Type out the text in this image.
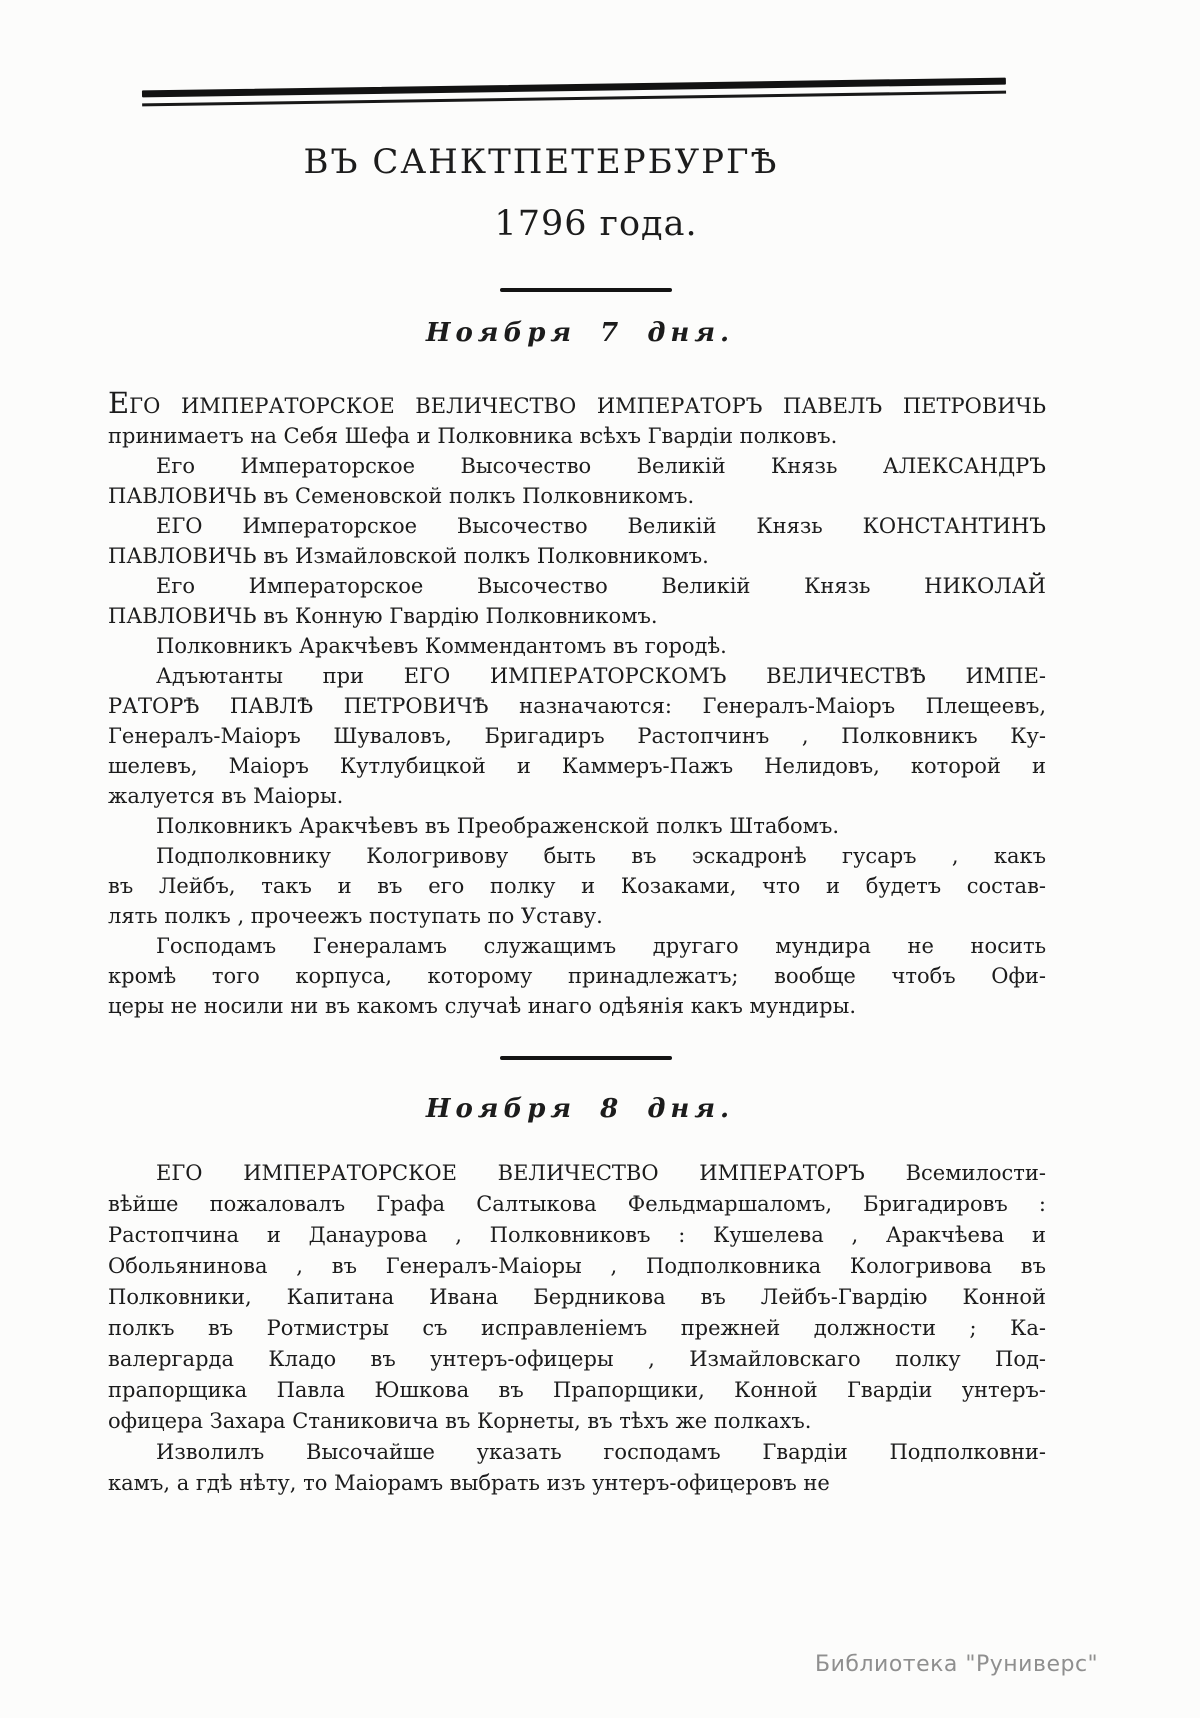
ВЪ САНКТПЕТЕРБУРГѢ
1796 года.
Ноября 7 дня.

ЕГО ИМПЕРАТОРСКОЕ ВЕЛИЧЕСТВО ИМПЕРАТОРЪ ПАВЕЛЪ ПЕТРОВИЧЬ
принимаетъ на Себя Шефа и Полковника всѣхъ Гвардіи полковъ.

Его Императорское Высочество Великій Князь АЛЕКСАНДРЪ
ПАВЛОВИЧЬ въ Семеновской полкъ Полковникомъ.

ЕГО Императорское Высочество Великій Князь КОНСТАНТИНЪ
ПАВЛОВИЧЬ въ Измайловской полкъ Полковникомъ.

Его Императорское Высочество Великій Князь НИКОЛАЙ
ПАВЛОВИЧЬ въ Конную Гвардію Полковникомъ.

Полковникъ Аракчѣевъ Коммендантомъ въ городѣ.

Адъютанты при ЕГО ИМПЕРАТОРСКОМЪ ВЕЛИЧЕСТВѢ ИМПЕ-
РАТОРѢ ПАВЛѢ ПЕТРОВИЧѢ назначаются: Генералъ-Маіоръ Плещеевъ,
Генералъ-Маіоръ Шуваловъ, Бригадиръ Растопчинъ , Полковникъ Ку-
шелевъ, Маіоръ Кутлубицкой и Каммеръ-Пажъ Нелидовъ, которой и
жалуется въ Маіоры.

Полковникъ Аракчѣевъ въ Преображенской полкъ Штабомъ.

Подполковнику Кологривову быть въ эскадронѣ гусаръ , какъ
въ Лейбъ, такъ и въ его полку и Козаками, что и будетъ состав-
лять полкъ , прочеежъ поступать по Уставу.

Господамъ Генераламъ служащимъ другаго мундира не носить
кромѣ того корпуса, которому принадлежатъ; вообще чтобъ Офи-
церы не носили ни въ какомъ случаѣ инаго одѣянія какъ мундиры.

Ноября 8 дня.

ЕГО ИМПЕРАТОРСКОЕ ВЕЛИЧЕСТВО ИМПЕРАТОРЪ Всемилости-
вѣйше пожаловалъ Графа Салтыкова Фельдмаршаломъ, Бригадировъ :
Растопчина и Данаурова , Полковниковъ : Кушелева , Аракчѣева и
Обольянинова , въ Генералъ-Маіоры , Подполковника Кологривова въ
Полковники, Капитана Ивана Бердникова въ Лейбъ-Гвардію Конной
полкъ въ Ротмистры съ исправленіемъ прежней должности ; Ка-
валергарда Кладо въ унтеръ-офицеры , Измайловскаго полку Под-
прапорщика Павла Юшкова въ Прапорщики, Конной Гвардіи унтеръ-
офицера Захара Станиковича въ Корнеты, въ тѣхъ же полкахъ.

Изволилъ Высочайше указать господамъ Гвардіи Подполковни-
камъ, а гдѣ нѣту, то Маіорамъ выбрать изъ унтеръ-офицеровъ не

Библиотека "Руниверс"
